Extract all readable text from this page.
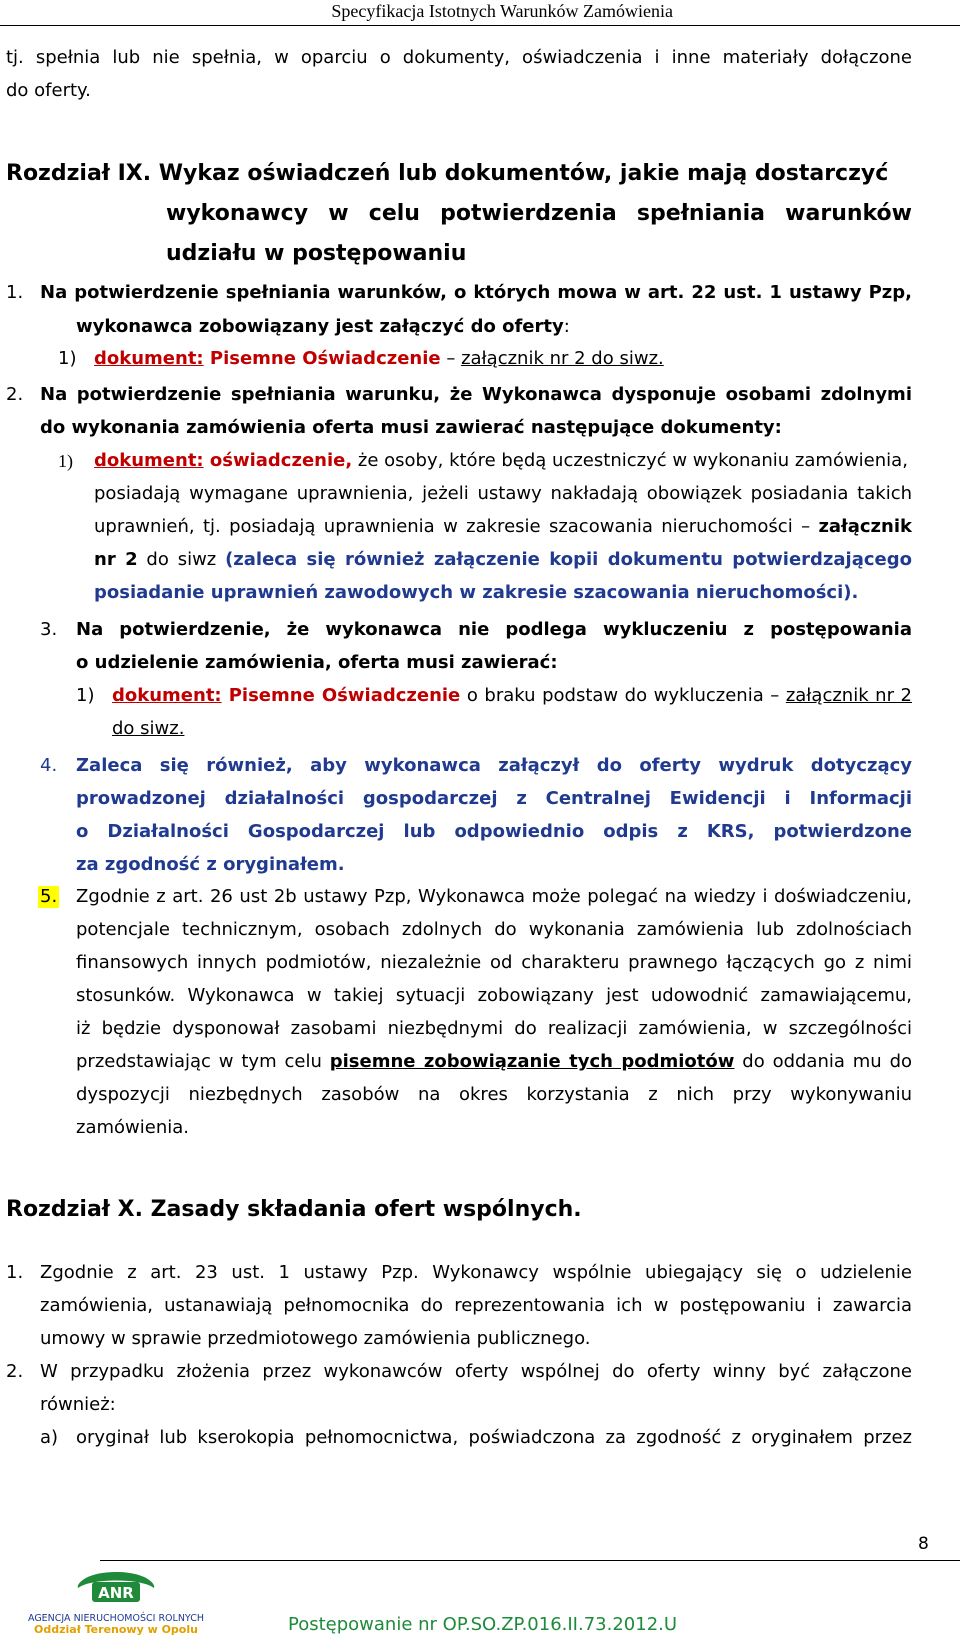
Specyfikacja Istotnych Warunków Zamówienia
tj. spełnia lub nie spełnia, w oparciu o dokumenty, oświadczenia i inne materiały dołączone
do oferty.
Rozdział IX. Wykaz oświadczeń lub dokumentów, jakie mają dostarczyć
wykonawcy w celu potwierdzenia spełniania warunków
udziału w postępowaniu
1. Na potwierdzenie spełniania warunków, o których mowa w art. 22 ust. 1 ustawy Pzp,
wykonawca zobowiązany jest załączyć do oferty:
1) dokument: Pisemne Oświadczenie – załącznik nr 2 do siwz.
2. Na potwierdzenie spełniania warunku, że Wykonawca dysponuje osobami zdolnymi
do wykonania zamówienia oferta musi zawierać następujące dokumenty:
1) dokument: oświadczenie, że osoby, które będą uczestniczyć w wykonaniu zamówienia,
posiadają wymagane uprawnienia, jeżeli ustawy nakładają obowiązek posiadania takich
uprawnień, tj. posiadają uprawnienia w zakresie szacowania nieruchomości – załącznik
nr 2 do siwz (zaleca się również załączenie kopii dokumentu potwierdzającego
posiadanie uprawnień zawodowych w zakresie szacowania nieruchomości).
3. Na potwierdzenie, że wykonawca nie podlega wykluczeniu z postępowania
o udzielenie zamówienia, oferta musi zawierać:
1) dokument: Pisemne Oświadczenie o braku podstaw do wykluczenia – załącznik nr 2
do siwz.
4. Zaleca się również, aby wykonawca załączył do oferty wydruk dotyczący
prowadzonej działalności gospodarczej z Centralnej Ewidencji i Informacji
o Działalności Gospodarczej lub odpowiednio odpis z KRS, potwierdzone
za zgodność z oryginałem.
5. Zgodnie z art. 26 ust 2b ustawy Pzp, Wykonawca może polegać na wiedzy i doświadczeniu,
potencjale technicznym, osobach zdolnych do wykonania zamówienia lub zdolnościach
finansowych innych podmiotów, niezależnie od charakteru prawnego łączących go z nimi
stosunków. Wykonawca w takiej sytuacji zobowiązany jest udowodnić zamawiającemu,
iż będzie dysponował zasobami niezbędnymi do realizacji zamówienia, w szczególności
przedstawiając w tym celu pisemne zobowiązanie tych podmiotów do oddania mu do
dyspozycji niezbędnych zasobów na okres korzystania z nich przy wykonywaniu
zamówienia.
Rozdział X. Zasady składania ofert wspólnych.
1. Zgodnie z art. 23 ust. 1 ustawy Pzp. Wykonawcy wspólnie ubiegający się o udzielenie
zamówienia, ustanawiają pełnomocnika do reprezentowania ich w postępowaniu i zawarcia
umowy w sprawie przedmiotowego zamówienia publicznego.
2. W przypadku złożenia przez wykonawców oferty wspólnej do oferty winny być załączone
również:
a) oryginał lub kserokopia pełnomocnictwa, poświadczona za zgodność z oryginałem przez
8
ANR
AGENCJA NIERUCHOMOŚCI ROLNYCH
Oddział Terenowy w Opolu	Postępowanie nr OP.SO.ZP.016.II.73.2012.U
